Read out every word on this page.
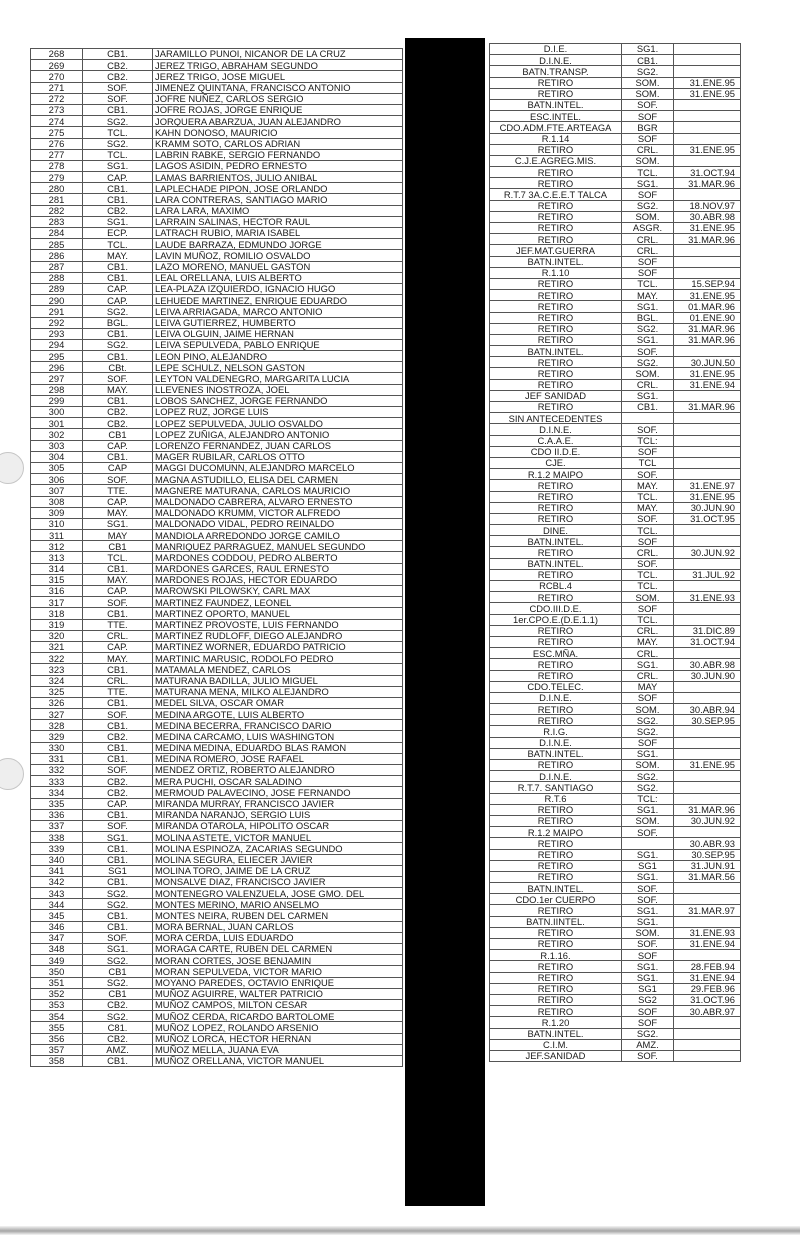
268	CB1.	JARAMILLO PUNOI, NICANOR DE LA CRUZ
269	CB2.	JEREZ TRIGO, ABRAHAM SEGUNDO
270	CB2.	JEREZ TRIGO, JOSE MIGUEL
271	SOF.	JIMENEZ QUINTANA, FRANCISCO ANTONIO
272	SOF.	JOFRE NUÑEZ, CARLOS SERGIO
273	CB1.	JOFRE ROJAS, JORGE ENRIQUE
274	SG2.	JORQUERA ABARZUA, JUAN ALEJANDRO
275	TCL.	KAHN DONOSO, MAURICIO
276	SG2.	KRAMM SOTO, CARLOS ADRIAN
277	TCL.	LABRIN RABKE, SERGIO FERNANDO
278	SG1.	LAGOS ASIDIN, PEDRO ERNESTO
279	CAP.	LAMAS BARRIENTOS, JULIO ANIBAL
280	CB1.	LAPLECHADE PIPON, JOSE ORLANDO
281	CB1.	LARA CONTRERAS, SANTIAGO MARIO
282	CB2.	LARA LARA, MAXIMO
283	SG1.	LARRAIN SALINAS, HECTOR RAUL
284	ECP.	LATRACH RUBIO, MARIA ISABEL
285	TCL.	LAUDE BARRAZA, EDMUNDO JORGE
286	MAY.	LAVIN MUÑOZ, ROMILIO OSVALDO
287	CB1.	LAZO MORENO, MANUEL GASTON
288	CB1.	LEAL ORELLANA, LUIS ALBERTO
289	CAP.	LEA-PLAZA IZQUIERDO, IGNACIO HUGO
290	CAP.	LEHUEDE MARTINEZ, ENRIQUE EDUARDO
291	SG2.	LEIVA ARRIAGADA, MARCO ANTONIO
292	BGL.	LEIVA GUTIERREZ, HUMBERTO
293	CB1.	LEIVA OLGUIN, JAIME HERNAN
294	SG2.	LEIVA SEPULVEDA, PABLO ENRIQUE
295	CB1.	LEON PINO, ALEJANDRO
296	CBt.	LEPE SCHULZ, NELSON GASTON
297	SOF.	LEYTON VALDENEGRO, MARGARITA LUCIA
298	MAY.	LLEVENES INOSTROZA, JOEL
299	CB1.	LOBOS SANCHEZ, JORGE FERNANDO
300	CB2.	LOPEZ RUZ, JORGE LUIS
301	CB2.	LOPEZ SEPULVEDA, JULIO OSVALDO
302	CB1	LOPEZ ZUÑIGA, ALEJANDRO ANTONIO
303	CAP.	LORENZO FERNANDEZ, JUAN CARLOS
304	CB1.	MAGER RUBILAR, CARLOS OTTO
305	CAP	MAGGI DUCOMUNN, ALEJANDRO MARCELO
306	SOF.	MAGNA ASTUDILLO, ELISA DEL CARMEN
307	TTE.	MAGNERE MATURANA, CARLOS MAURICIO
308	CAP.	MALDONADO CABRERA, ALVARO ERNESTO
309	MAY.	MALDONADO KRUMM, VICTOR ALFREDO
310	SG1.	MALDONADO VIDAL, PEDRO REINALDO
311	MAY	MANDIOLA ARREDONDO JORGE CAMILO
312	CB1	MANRIQUEZ PARRAGUEZ, MANUEL SEGUNDO
313	TCL.	MARDONES CODDOU, PEDRO ALBERTO
314	CB1.	MARDONES GARCES, RAUL ERNESTO
315	MAY.	MARDONES ROJAS, HECTOR EDUARDO
316	CAP.	MAROWSKI PILOWSKY, CARL MAX
317	SOF.	MARTINEZ FAUNDEZ, LEONEL
318	CB1.	MARTINEZ OPORTO, MANUEL
319	TTE.	MARTINEZ PROVOSTE, LUIS FERNANDO
320	CRL.	MARTINEZ RUDLOFF, DIEGO ALEJANDRO
321	CAP.	MARTINEZ WORNER, EDUARDO PATRICIO
322	MAY.	MARTINIC MARUSIC, RODOLFO PEDRO
323	CB1.	MATAMALA MENDEZ, CARLOS
324	CRL.	MATURANA BADILLA, JULIO MIGUEL
325	TTE.	MATURANA MENA, MILKO ALEJANDRO
326	CB1.	MEDEL SILVA, OSCAR OMAR
327	SOF.	MEDINA ARGOTE, LUIS ALBERTO
328	CB1.	MEDINA BECERRA, FRANCISCO DARIO
329	CB2.	MEDINA CARCAMO, LUIS WASHINGTON
330	CB1.	MEDINA MEDINA, EDUARDO BLAS RAMON
331	CB1.	MEDINA ROMERO, JOSE RAFAEL
332	SOF.	MENDEZ ORTIZ, ROBERTO ALEJANDRO
333	CB2.	MERA PUCHI, OSCAR SALADINO
334	CB2.	MERMOUD PALAVECINO, JOSE FERNANDO
335	CAP.	MIRANDA MURRAY, FRANCISCO JAVIER
336	CB1.	MIRANDA NARANJO, SERGIO LUIS
337	SOF.	MIRANDA OTAROLA, HIPOLITO OSCAR
338	SG1.	MOLINA ASTETE, VICTOR MANUEL
339	CB1.	MOLINA ESPINOZA, ZACARIAS SEGUNDO
340	CB1.	MOLINA SEGURA, ELIECER JAVIER
341	SG1	MOLINA TORO, JAIME DE LA CRUZ
342	CB1.	MONSALVE DIAZ, FRANCISCO JAVIER
343	SG2.	MONTENEGRO VALENZUELA, JOSE GMO. DEL
344	SG2.	MONTES MERINO, MARIO ANSELMO
345	CB1.	MONTES NEIRA, RUBEN DEL CARMEN
346	CB1.	MORA BERNAL, JUAN CARLOS
347	SOF.	MORA CERDA, LUIS EDUARDO
348	SG1.	MORAGA CARTE, RUBEN DEL CARMEN
349	SG2.	MORAN CORTES, JOSE BENJAMIN
350	CB1	MORAN SEPULVEDA, VICTOR MARIO
351	SG2.	MOYANO PAREDES, OCTAVIO ENRIQUE
352	CB1	MUÑOZ AGUIRRE, WALTER PATRICIO
353	CB2.	MUÑOZ CAMPOS, MILTON CESAR
354	SG2.	MUÑOZ CERDA, RICARDO BARTOLOME
355	C81.	MUÑOZ LOPEZ, ROLANDO ARSENIO
356	CB2.	MUÑOZ LORCA, HECTOR HERNAN
357	AMZ.	MUÑOZ MELLA, JUANA EVA
358	CB1.	MUÑOZ ORELLANA, VICTOR MANUEL
D.I.E.	SG1.	
D.I.N.E.	CB1.	
BATN.TRANSP.	SG2.	
RETIRO	SOM.	31.ENE.95
RETIRO	SOM.	31.ENE.95
BATN.INTEL.	SOF.	
ESC.INTEL.	SOF	
CDO.ADM.FTE.ARTEAGA	BGR	
R.1.14	SOF	
RETIRO	CRL.	31.ENE.95
C.J.E.AGREG.MIS.	SOM.	
RETIRO	TCL.	31.OCT.94
RETIRO	SG1.	31.MAR.96
R.T.7 3A.C.E.E.T TALCA	SOF	
RETIRO	SG2.	18.NOV.97
RETIRO	SOM.	30.ABR.98
RETIRO	ASGR.	31.ENE.95
RETIRO	CRL.	31.MAR.96
JEF.MAT.GUERRA	CRL.	
BATN.INTEL.	SOF	
R.1.10	SOF	
RETIRO	TCL.	15.SEP.94
RETIRO	MAY.	31.ENE.95
RETIRO	SG1.	01.MAR.96
RETIRO	BGL.	01.ENE.90
RETIRO	SG2.	31.MAR.96
RETIRO	SG1.	31.MAR.96
BATN.INTEL.	SOF.	
RETIRO	SG2.	30.JUN.50
RETIRO	SOM.	31.ENE.95
RETIRO	CRL.	31.ENE.94
JEF SANIDAD	SG1.	
RETIRO	CB1.	31.MAR.96
SIN ANTECEDENTES		
D.I.N.E.	SOF.	
C.A.A.E.	TCL:	
CDO II.D.E.	SOF	
CJE.	TCL	
R.1.2 MAIPO	SOF.	
RETIRO	MAY.	31.ENE.97
RETIRO	TCL.	31.ENE.95
RETIRO	MAY.	30.JUN.90
RETIRO	SOF.	31.OCT.95
DINE.	TCL.	
BATN.INTEL.	SOF	
RETIRO	CRL.	30.JUN.92
BATN.INTEL.	SOF.	
RETIRO	TCL.	31.JUL.92
RCBL.4	TCL.	
RETIRO	SOM.	31.ENE.93
CDO.III.D.E.	SOF	
1er.CPO.E.(D.E.1.1)	TCL.	
RETIRO	CRL.	31.DIC.89
RETIRO	MAY.	31.OCT.94
ESC.MÑA.	CRL.	
RETIRO	SG1.	30.ABR.98
RETIRO	CRL.	30.JUN.90
CDO.TELEC.	MAY	
D.I.N.E.	SOF	
RETIRO	SOM.	30.ABR.94
RETIRO	SG2.	30.SEP.95
R.I.G.	SG2.	
D.I.N.E.	SOF	
BATN.INTEL.	SG1.	
RETIRO	SOM.	31.ENE.95
D.I.N.E.	SG2.	
R.T.7. SANTIAGO	SG2.	
R.T.6	TCL:	
RETIRO	SG1.	31.MAR.96
RETIRO	SOM.	30.JUN.92
R.1.2 MAIPO	SOF.	
RETIRO		30.ABR.93
RETIRO	SG1.	30.SEP.95
RETIRO	SG1	31.JUN.91
RETIRO	SG1.	31.MAR.56
BATN.INTEL.	SOF.	
CDO.1er CUERPO	SOF.	
RETIRO	SG1.	31.MAR.97
BATN.IINTEL.	SG1.	
RETIRO	SOM.	31.ENE.93
RETIRO	SOF.	31.ENE.94
R.1.16.	SOF	
RETIRO	SG1.	28.FEB.94
RETIRO	SG1.	31.ENE.94
RETIRO	SG1	29.FEB.96
RETIRO	SG2	31.OCT.96
RETIRO	SOF	30.ABR.97
R.1.20	SOF	
BATN.INTEL.	SG2.	
C.I.M.	AMZ.	
JEF.SANIDAD	SOF.	
